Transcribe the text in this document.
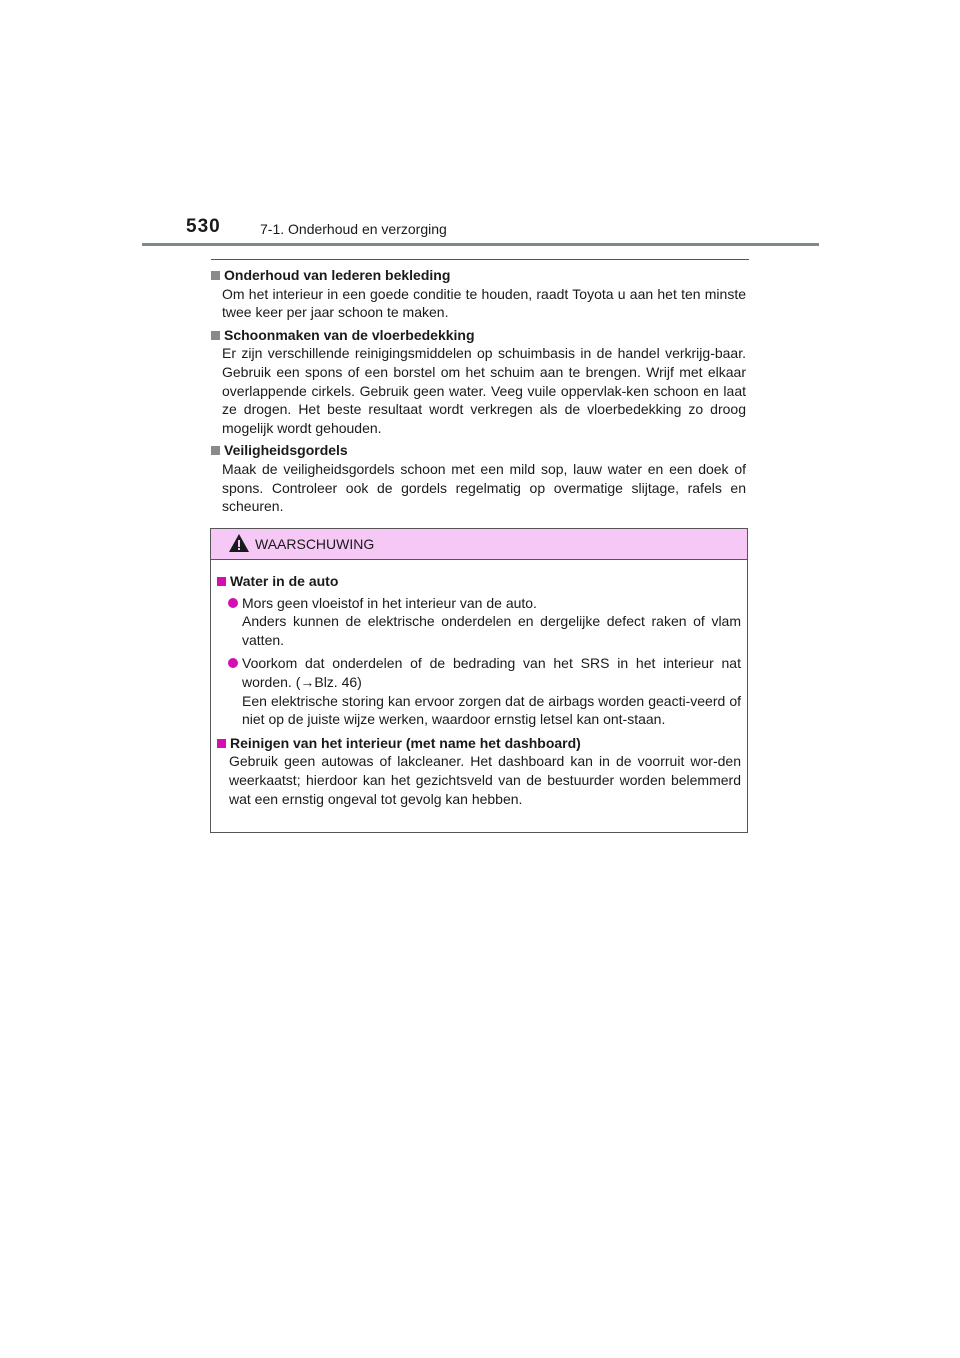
530	7-1. Onderhoud en verzorging
Onderhoud van lederen bekleding
Om het interieur in een goede conditie te houden, raadt Toyota u aan het ten minste twee keer per jaar schoon te maken.
Schoonmaken van de vloerbedekking
Er zijn verschillende reinigingsmiddelen op schuimbasis in de handel verkrijg-baar. Gebruik een spons of een borstel om het schuim aan te brengen. Wrijf met elkaar overlappende cirkels. Gebruik geen water. Veeg vuile oppervlak-ken schoon en laat ze drogen. Het beste resultaat wordt verkregen als de vloerbedekking zo droog mogelijk wordt gehouden.
Veiligheidsgordels
Maak de veiligheidsgordels schoon met een mild sop, lauw water en een doek of spons. Controleer ook de gordels regelmatig op overmatige slijtage, rafels en scheuren.
WAARSCHUWING
Water in de auto
Mors geen vloeistof in het interieur van de auto.
Anders kunnen de elektrische onderdelen en dergelijke defect raken of vlam vatten.
Voorkom dat onderdelen of de bedrading van het SRS in het interieur nat worden. (→Blz. 46)
Een elektrische storing kan ervoor zorgen dat de airbags worden geacti-veerd of niet op de juiste wijze werken, waardoor ernstig letsel kan ont-staan.
Reinigen van het interieur (met name het dashboard)
Gebruik geen autowas of lakcleaner. Het dashboard kan in de voorruit wor-den weerkaatst; hierdoor kan het gezichtsveld van de bestuurder worden belemmerd wat een ernstig ongeval tot gevolg kan hebben.
